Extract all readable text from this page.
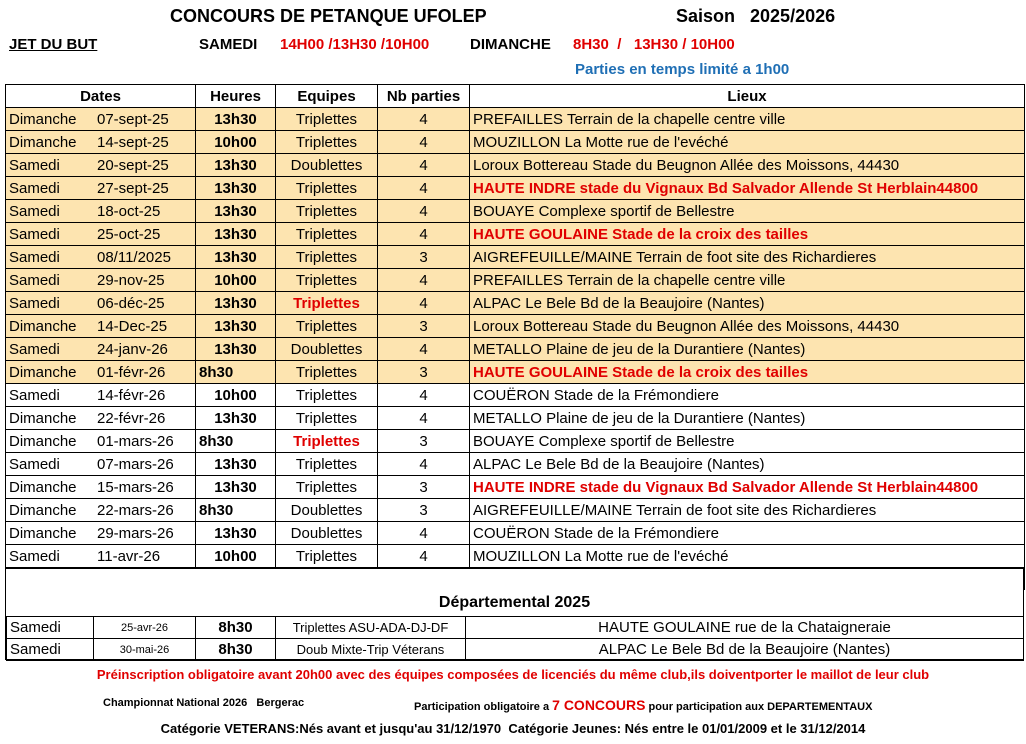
CONCOURS DE PETANQUE UFOLEP	Saison   2025/2026
JET DU BUT	SAMEDI 14H00 /13H30 /10H00	DIMANCHE 8H30  /   13H30 / 10H00
Parties en temps limité a 1h00
Dates	Heures	Equipes	Nb parties	Lieux
Dimanche 07-sept-25	13h30	Triplettes	4	PREFAILLES Terrain de la chapelle centre ville
Dimanche 14-sept-25	10h00	Triplettes	4	MOUZILLON La Motte rue de l'evéché
Samedi 20-sept-25	13h30	Doublettes	4	Loroux Bottereau Stade du Beugnon Allée des Moissons, 44430
Samedi 27-sept-25	13h30	Triplettes	4	HAUTE INDRE stade du Vignaux Bd Salvador Allende St Herblain44800
Samedi 18-oct-25	13h30	Triplettes	4	BOUAYE Complexe sportif de Bellestre
Samedi 25-oct-25	13h30	Triplettes	4	HAUTE GOULAINE Stade de la croix des tailles
Samedi 08/11/2025	13h30	Triplettes	3	AIGREFEUILLE/MAINE Terrain de foot site des Richardieres
Samedi 29-nov-25	10h00	Triplettes	4	PREFAILLES Terrain de la chapelle centre ville
Samedi 06-déc-25	13h30	Triplettes	4	ALPAC Le Bele Bd de la Beaujoire (Nantes)
Dimanche 14-Dec-25	13h30	Triplettes	3	Loroux Bottereau Stade du Beugnon Allée des Moissons, 44430
Samedi 24-janv-26	13h30	Doublettes	4	METALLO Plaine de jeu de la Durantiere (Nantes)
Dimanche 01-févr-26	8h30	Triplettes	3	HAUTE GOULAINE Stade de la croix des tailles
Samedi 14-févr-26	10h00	Triplettes	4	COUËRON Stade de la Frémondiere
Dimanche 22-févr-26	13h30	Triplettes	4	METALLO Plaine de jeu de la Durantiere (Nantes)
Dimanche 01-mars-26	8h30	Triplettes	3	BOUAYE Complexe sportif de Bellestre
Samedi 07-mars-26	13h30	Triplettes	4	ALPAC Le Bele Bd de la Beaujoire (Nantes)
Dimanche 15-mars-26	13h30	Triplettes	3	HAUTE INDRE stade du Vignaux Bd Salvador Allende St Herblain44800
Dimanche 22-mars-26	8h30	Doublettes	3	AIGREFEUILLE/MAINE Terrain de foot site des Richardieres
Dimanche 29-mars-26	13h30	Doublettes	4	COUËRON Stade de la Frémondiere
Samedi 11-avr-26	10h00	Triplettes	4	MOUZILLON La Motte rue de l'evéché

Départemental 2025
Samedi	25-avr-26	8h30	Triplettes ASU-ADA-DJ-DF	HAUTE GOULAINE rue de la Chataigneraie
Samedi	30-mai-26	8h30	Doub Mixte-Trip Véterans	ALPAC Le Bele Bd de la Beaujoire (Nantes)
Préinscription obligatoire avant 20h00 avec des équipes composées de licenciés du même club,ils doiventporter le maillot de leur club
Championnat National 2026   Bergerac	Participation obligatoire a 7 CONCOURS pour participation aux DEPARTEMENTAUX
Catégorie VETERANS:Nés avant et jusqu'au 31/12/1970  Catégorie Jeunes: Nés entre le 01/01/2009 et le 31/12/2014
